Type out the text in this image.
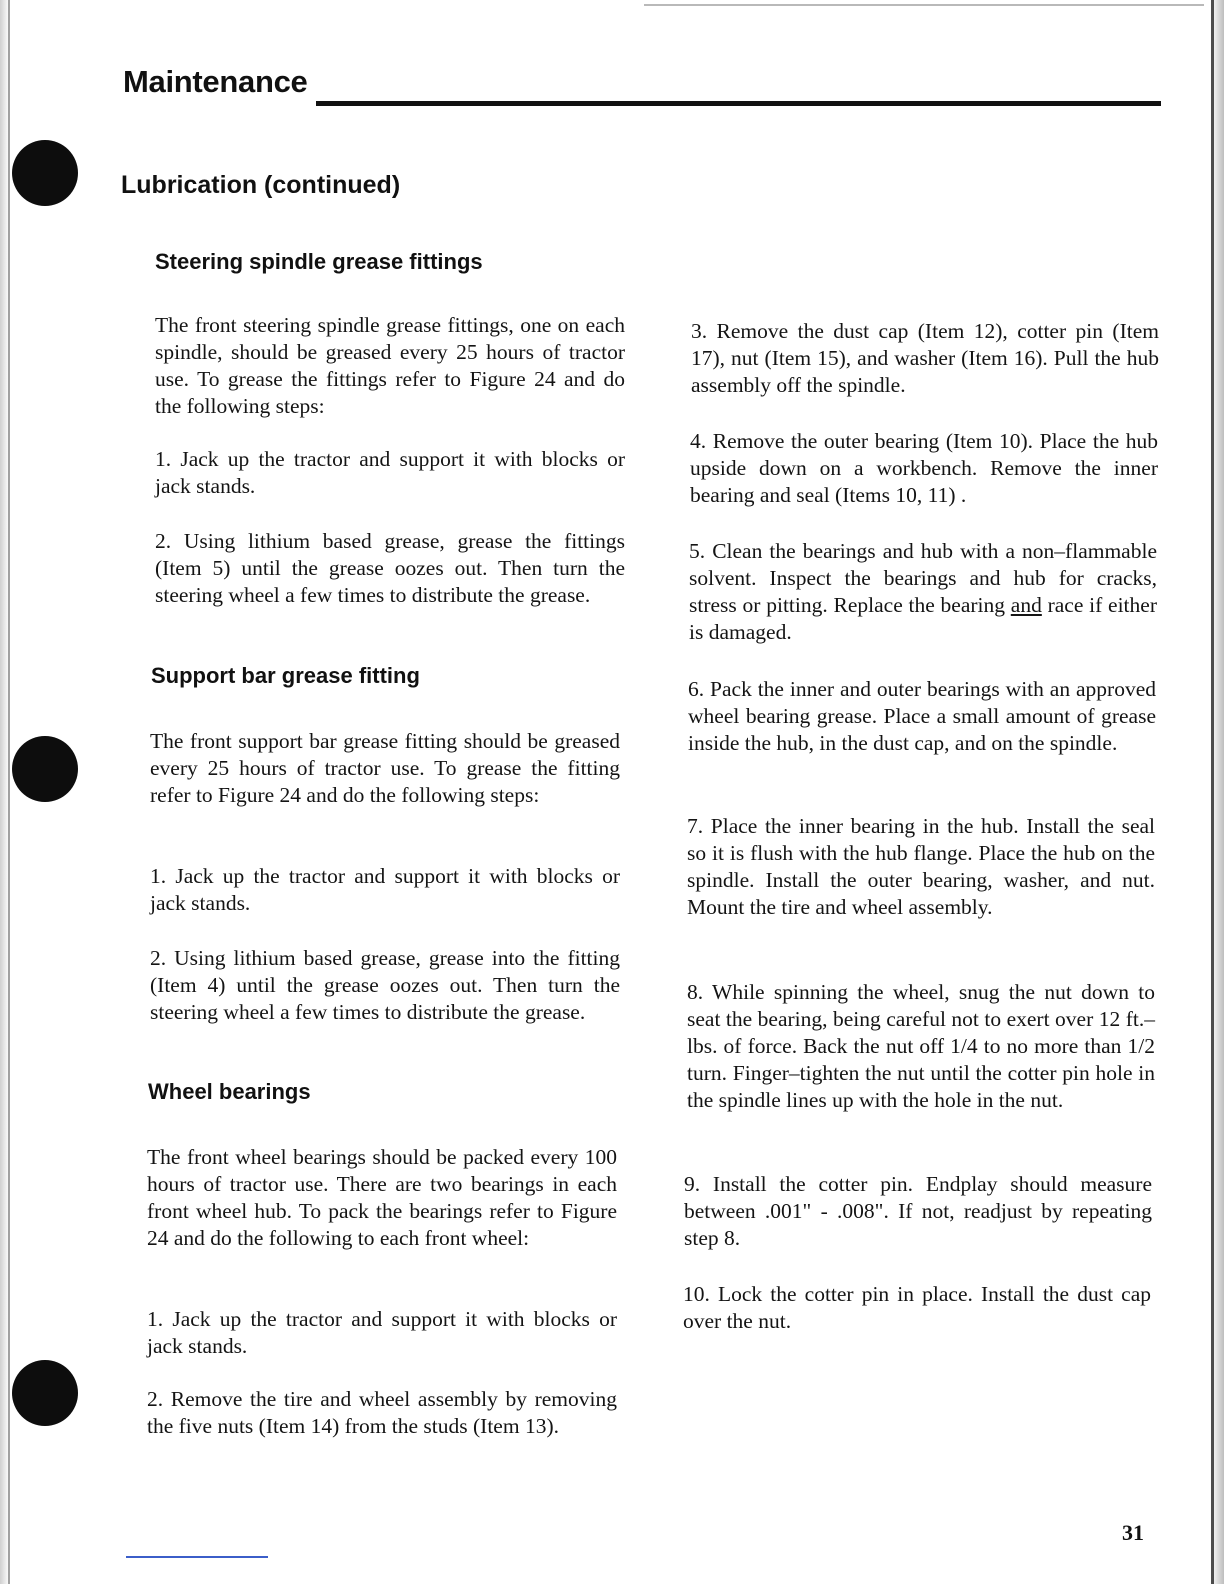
Maintenance
Lubrication (continued)
Steering spindle grease fittings
The front steering spindle grease fittings, one on each spindle, should be greased every 25 hours of tractor use. To grease the fittings refer to Figure 24 and do the following steps:
1. Jack up the tractor and support it with blocks or jack stands.
2. Using lithium based grease, grease the fittings (Item 5) until the grease oozes out. Then turn the steering wheel a few times to distribute the grease.
Support bar grease fitting
The front support bar grease fitting should be greased every 25 hours of tractor use. To grease the fitting refer to Figure 24 and do the following steps:
1. Jack up the tractor and support it with blocks or jack stands.
2. Using lithium based grease, grease into the fitting (Item 4) until the grease oozes out. Then turn the steering wheel a few times to distribute the grease.
Wheel bearings
The front wheel bearings should be packed every 100 hours of tractor use. There are two bearings in each front wheel hub. To pack the bearings refer to Figure 24 and do the following to each front wheel:
1. Jack up the tractor and support it with blocks or jack stands.
2. Remove the tire and wheel assembly by removing the five nuts (Item 14) from the studs (Item 13).
3. Remove the dust cap (Item 12), cotter pin (Item 17), nut (Item 15), and washer (Item 16). Pull the hub assembly off the spindle.
4. Remove the outer bearing (Item 10). Place the hub upside down on a workbench. Remove the inner bearing and seal (Items 10, 11) .
5. Clean the bearings and hub with a non–flammable solvent. Inspect the bearings and hub for cracks, stress or pitting. Replace the bearing and race if either is damaged.
6. Pack the inner and outer bearings with an approved wheel bearing grease. Place a small amount of grease inside the hub, in the dust cap, and on the spindle.
7. Place the inner bearing in the hub. Install the seal so it is flush with the hub flange. Place the hub on the spindle. Install the outer bearing, washer, and nut. Mount the tire and wheel assembly.
8. While spinning the wheel, snug the nut down to seat the bearing, being careful not to exert over 12 ft.–lbs. of force. Back the nut off 1/4 to no more than 1/2 turn. Finger–tighten the nut until the cotter pin hole in the spindle lines up with the hole in the nut.
9. Install the cotter pin. Endplay should measure between .001" - .008". If not, readjust by repeating step 8.
10. Lock the cotter pin in place. Install the dust cap over the nut.
31
